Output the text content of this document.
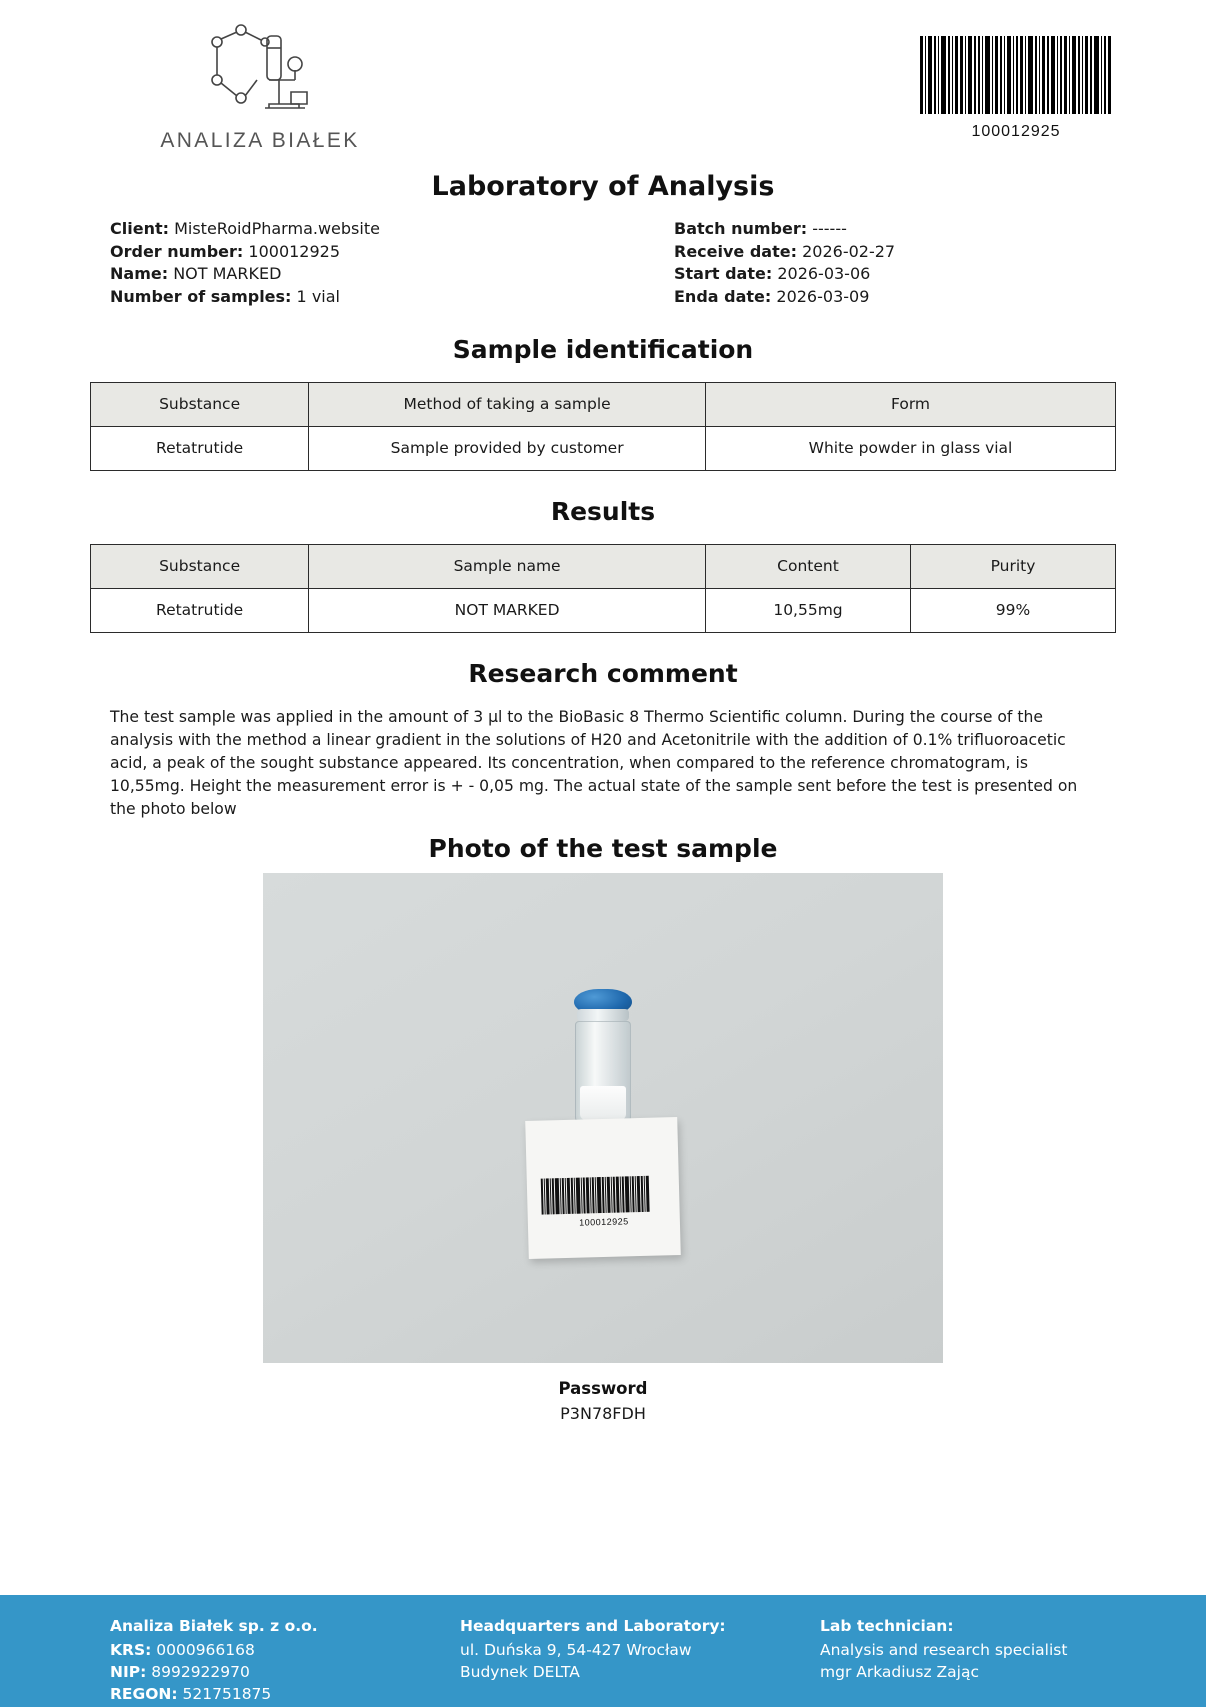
ANALIZA BIAŁEK	100012925
Laboratory of Analysis
Client: MisteRoidPharma.website
Order number: 100012925
Name: NOT MARKED
Number of samples: 1 vial
Batch number: ------
Receive date: 2026-02-27
Start date: 2026-03-06
Enda date: 2026-03-09
Sample identification
Substance	Method of taking a sample	Form
Retatrutide	Sample provided by customer	White powder in glass vial
Results
Substance	Sample name	Content	Purity
Retatrutide	NOT MARKED	10,55mg	99%
Research comment
The test sample was applied in the amount of 3 µl to the BioBasic 8 Thermo Scientific column. During the course of the analysis with the method a linear gradient in the solutions of H20 and Acetonitrile with the addition of 0.1% trifluoroacetic acid, a peak of the sought substance appeared. Its concentration, when compared to the reference chromatogram, is 10,55mg. Height the measurement error is + - 0,05 mg. The actual state of the sample sent before the test is presented on the photo below
Photo of the test sample
100012925
Password
P3N78FDH
Analiza Białek sp. z o.o.
KRS: 0000966168
NIP: 8992922970
REGON: 521751875
Headquarters and Laboratory:
ul. Duńska 9, 54-427 Wrocław
Budynek DELTA
Lab technician:
Analysis and research specialist
mgr Arkadiusz Zając
